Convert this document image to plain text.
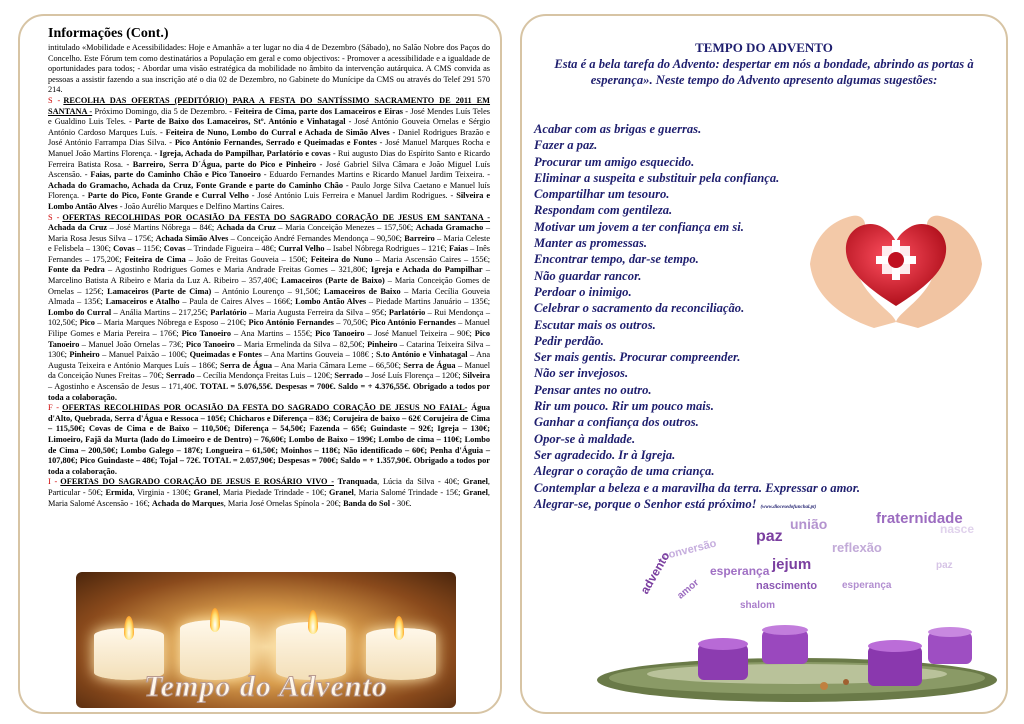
Informações (Cont.)

intitulado «Mobilidade e Acessibilidades: Hoje e Amanhã» a ter lugar no dia 4 de Dezembro (Sábado), no Salão Nobre dos Paços do Concelho. Este Fórum tem como destinatários a População em geral e como objectivos: - Promover a acessibilidade e a igualdade de oportunidades para todos; - Abordar uma visão estratégica da mobilidade no âmbito da intervenção autárquica. A CMS convida as pessoas a assistir fazendo a sua inscrição até o dia 02 de Dezembro, no Gabinete do Munícipe da CMS ou através do Telef 291 570 214.

S - RECOLHA DAS OFERTAS (PEDITÓRIO) PARA A FESTA DO SANTÍSSIMO SACRAMENTO DE 2011 EM SANTANA - Próximo Domingo, dia 5 de Dezembro. - Feiteira de Cima, parte dos Lamaceiros e Eiras - José Mendes Luís Teles e Gualdino Luis Teles. - Parte de Baixo dos Lamaceiros, Stº. António e Vinhatagal - José António Gouveia Ornelas e Sérgio António Cardoso Marques Luís. - Feiteira de Nuno, Lombo do Curral e Achada de Simão Alves - Daniel Rodrigues Brazão e José António Farrampa Dias Silva. - Pico António Fernandes, Serrado e Queimadas e Fontes - José Manuel Marques Rocha e Manuel João Martins Florença. - Igreja, Achada do Pampilhar, Parlatório e covas - Rui augusto Dias do Espírito Santo e Ricardo Ferreira Batista Rosa. - Barreiro, Serra D´Água, parte do Pico e Pinheiro - José Gabriel Silva Câmara e João Miguel Luís Ascensão. - Faias, parte do Caminho Chão e Pico Tanoeiro - Eduardo Fernandes Martins e Ricardo Manuel Jardim Teixeira. - Achada do Gramacho, Achada da Cruz, Fonte Grande e parte do Caminho Chão - Paulo Jorge Silva Caetano e Manuel luís Florença. - Parte do Pico, Fonte Grande e Curral Velho - José António Luis Ferreira e Manuel Jardim Rodrigues. - Silveira e Lombo Antão Alves - João Aurélio Marques e Delfino Martins Caires.

S - OFERTAS RECOLHIDAS POR OCASIÃO DA FESTA DO SAGRADO CORAÇÃO DE JESUS EM SANTANA - Achada da Cruz – José Martins Nóbrega – 84€; Achada da Cruz – Maria Conceição Menezes – 157,50€; Achada Gramacho – Maria Rosa Jesus Silva – 175€; Achada Simão Alves – Conceição André Fernandes Mendonça – 90,50€; Barreiro – Maria Celeste e Felisbela – 130€; Covas – 115€; Covas – Trindade Figueira – 48€; Curral Velho – Isabel Nóbrega Rodrigues – 121€; Faias – Inês Fernandes – 175,20€; Feiteira de Cima – João de Freitas Gouveia – 150€; Feiteira do Nuno – Maria Ascensão Caires – 155€; Fonte da Pedra – Agostinho Rodrigues Gomes e Maria Andrade Freitas Gomes – 321,80€; Igreja e Achada do Pampilhar – Marcelino Batista A Ribeiro e Maria da Luz A. Ribeiro – 357,40€; Lamaceiros (Parte de Baixo) – Maria Conceição Gomes de Ornelas – 125€; Lamaceiros (Parte de Cima) – António Lourenço – 91,50€; Lamaceiros de Baixo – Maria Cecília Gouveia Almada – 135€; Lamaceiros e Atalho – Paula de Caires Alves – 166€; Lombo Antão Alves – Piedade Martins Januário – 135€; Lombo do Curral – Anália Martins – 217,25€; Parlatório – Maria Augusta Ferreira da Silva – 95€; Parlatório – Rui Mendonça – 102,50€; Pico – Maria Marques Nóbrega e Esposo – 210€; Pico António Fernandes – 70,50€; Pico António Fernandes – Manuel Filipe Gomes e Maria Pereira – 176€; Pico Tanoeiro – Ana Martins – 155€; Pico Tanoeiro – José Manuel Teixeira – 90€; Pico Tanoeiro – Manuel João Ornelas – 73€; Pico Tanoeiro – Maria Ermelinda da Silva – 82,50€; Pinheiro – Catarina Teixeira Silva – 130€; Pinheiro – Manuel Paixão – 100€; Queimadas e Fontes – Ana Martins Gouveia – 108€ ; S.to António e Vinhatagal – Ana Augusta Teixeira e António Marques Luís – 186€; Serra de Água – Ana Maria Câmara Leme – 66,50€; Serra de Água – Manuel da Conceição Nunes Freitas – 70€; Serrado – Cecília Mendonça Freitas Luis – 120€; Serrado – José Luís Florença – 120€; Silveira – Agostinho e Ascensão de Jesus – 171,40€. TOTAL = 5.076,55€. Despesas = 700€. Saldo = + 4.376,55€. Obrigado a todos por toda a colaboração.

F - OFERTAS RECOLHIDAS POR OCASIÃO DA FESTA DO SAGRADO CORAÇÃO DE JESUS NO FAIAL- Água d'Alto, Quebrada, Serra d'Água e Ressoca – 105€; Chicharos e Diferença – 83€; Corujeira de baixo – 62€ Corujeira de Cima – 115,50€; Covas de Cima e de Baixo – 110,50€; Diferença – 54,50€; Fazenda – 65€; Guindaste – 92€; Igreja – 130€; Limoeiro, Fajã da Murta (lado do Limoeiro e de Dentro) – 76,60€; Lombo de Baixo – 199€; Lombo de cima – 110€; Lombo de Cima – 200,50€; Lombo Galego – 187€; Longueira – 61,50€; Moinhos – 118€; Não identificado – 60€; Penha d'Águia – 107,80€; Pico Guindaste – 48€; Tojal – 72€. TOTAL = 2.057,90€; Despesas = 700€; Saldo = + 1.357,90€. Obrigado a todos por toda a colaboração.

I - OFERTAS DO SAGRADO CORAÇÃO DE JESUS E ROSÁRIO VIVO - Tranquada, Lúcia da Silva - 40€; Granel, Particular - 50€; Ermida, Virginia - 130€; Granel, Maria Piedade Trindade - 10€; Granel, Maria Salomé Trindade - 15€; Granel, Maria Salomé Ascensão - 16€; Achada do Marques, Maria José Ornelas Spínola - 20€; Banda do Sol - 30€.

Tempo do Advento
TEMPO DO ADVENTO
Esta é a bela tarefa do Advento: despertar em nós a bondade, abrindo as portas à esperança». Neste tempo do Advento apresento algumas sugestões:
Acabar com as brigas e guerras.
Fazer a paz.
Procurar um amigo esquecido.
Eliminar a suspeita e substituir pela confiança.
Compartilhar um tesouro.
Respondam com gentileza.
Motivar um jovem a ter confiança em si.
Manter as promessas.
Encontrar tempo, dar-se tempo.
Não guardar rancor.
Perdoar o inimigo.
Celebrar o sacramento da reconciliação.
Escutar mais os outros.
Pedir perdão.
Ser mais gentis. Procurar compreender.
Não ser invejosos.
Pensar antes no outro.
Rir um pouco. Rir um pouco mais.
Ganhar a confiança dos outros.
Opor-se à maldade.
Ser agradecido. Ir à Igreja.
Alegrar o coração de uma criança.
Contemplar a beleza e a maravilha da terra. Expressar o amor.
Alegrar-se, porque o Senhor está próximo! (www.diocesedofunchal.pt)
fraternidade
união
paz
conversão	reflexão
jejum
esperança
nascimento esperança
advento amor
shalom
nasce
paz
